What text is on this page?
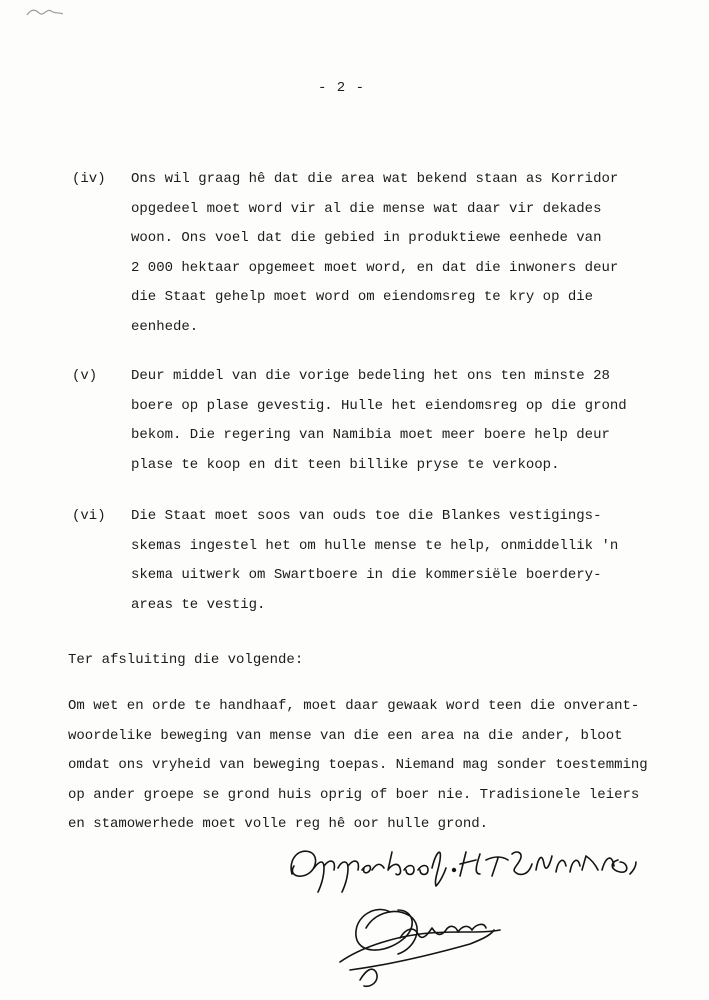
- 2 -
(iv) Ons wil graag hê dat die area wat bekend staan as Korridor
opgedeel moet word vir al die mense wat daar vir dekades
woon. Ons voel dat die gebied in produktiewe eenhede van
2 000 hektaar opgemeet moet word, en dat die inwoners deur
die Staat gehelp moet word om eiendomsreg te kry op die
eenhede.
(v) Deur middel van die vorige bedeling het ons ten minste 28
boere op plase gevestig. Hulle het eiendomsreg op die grond
bekom. Die regering van Namibia moet meer boere help deur
plase te koop en dit teen billike pryse te verkoop.
(vi) Die Staat moet soos van ouds toe die Blankes vestigings-
skemas ingestel het om hulle mense te help, onmiddellik 'n
skema uitwerk om Swartboere in die kommersiële boerdery-
areas te vestig.
Ter afsluiting die volgende:
Om wet en orde te handhaaf, moet daar gewaak word teen die onverant-
woordelike beweging van mense van die een area na die ander, bloot
omdat ons vryheid van beweging toepas. Niemand mag sonder toestemming
op ander groepe se grond huis oprig of boer nie. Tradisionele leiers
en stamowerhede moet volle reg hê oor hulle grond.
